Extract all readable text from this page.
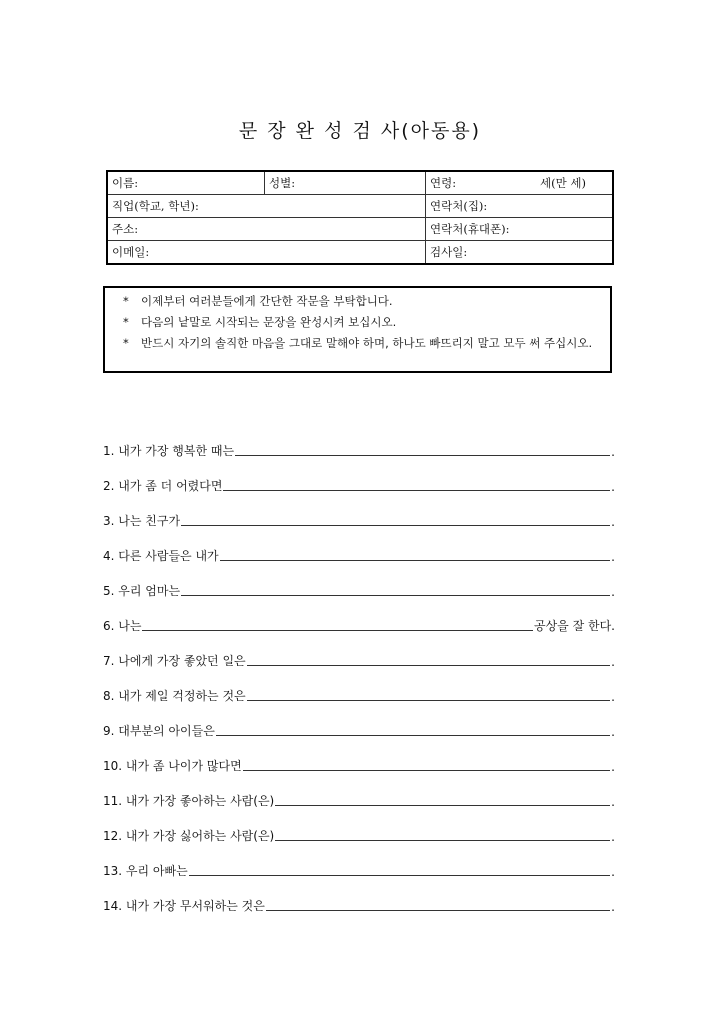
문 장 완 성 검 사(아동용)
이름:	성별:	연령: 세(만 세)

직업(학교, 학년):		연락처(집):
주소:		연락처(휴대폰):
이메일:		검사일:
*	이제부터 여러분들에게 간단한 작문을 부탁합니다.
*	다음의 낱말로 시작되는 문장을 완성시켜 보십시오.
*	반드시 자기의 솔직한 마음을 그대로 말해야 하며, 하나도 빠뜨리지 말고 모두 써 주십시오.
1. 내가 가장 행복한 때는	.
2. 내가 좀 더 어렸다면	.
3. 나는 친구가	.
4. 다른 사람들은 내가	.
5. 우리 엄마는	.
6. 나는	공상을 잘 한다.
7. 나에게 가장 좋았던 일은	.
8. 내가 제일 걱정하는 것은	.
9. 대부분의 아이들은	.
10. 내가 좀 나이가 많다면	.
11. 내가 가장 좋아하는 사람(은)	.
12. 내가 가장 싫어하는 사람(은)	.
13. 우리 아빠는	.
14. 내가 가장 무서워하는 것은	.
